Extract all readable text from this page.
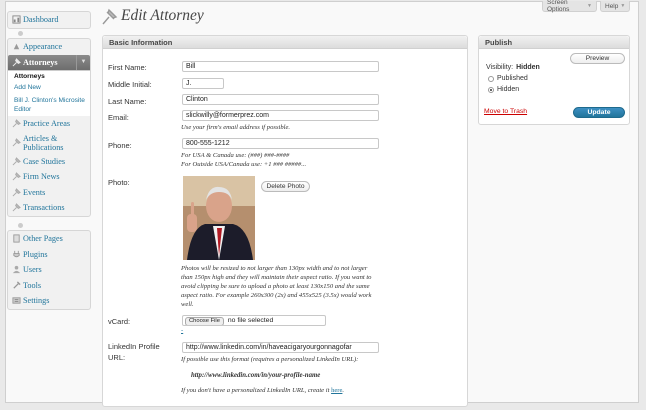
Screen Options	▼ Help ▼
Edit Attorney
Dashboard
Appearance
Attorneys	▼
Attorneys
Add New
Bill J. Clinton's Microsite Editor
Practice Areas
Articles & Publications
Case Studies
Firm News
Events
Transactions
Other Pages
Plugins
Users
Tools
Settings
Basic Information
First Name:	Bill
Middle Initial:	J.
Last Name:	Clinton
Email:	slickwilly@formerprez.com
Use your firm's email address if possible.
Phone:	800-555-1212
For USA & Canada use: (###) ###-####
For Outside USA/Canada use: +1 ### #####...
Photo:	Delete Photo
Photos will be resized to not larger than 130px width and to not larger than 150px high and they will maintain their aspect ratio. If you want to avoid clipping be sure to upload a photo at least 130x150 and the same aspect ratio. For example 260x300 (2x) and 455x525 (3.5x) would work well.
vCard:	Choose File no file selected
-
LinkedIn Profile URL:
http://www.linkedin.com/in/haveacigaryourgonnagofar
If possible use this format (requires a personalized LinkedIn URL):
http://www.linkedin.com/in/your-profile-name
If you don't have a personalized LinkedIn URL, create it here.
Publish
Preview
Visibility: Hidden
Published
Hidden
Move to Trash	Update
